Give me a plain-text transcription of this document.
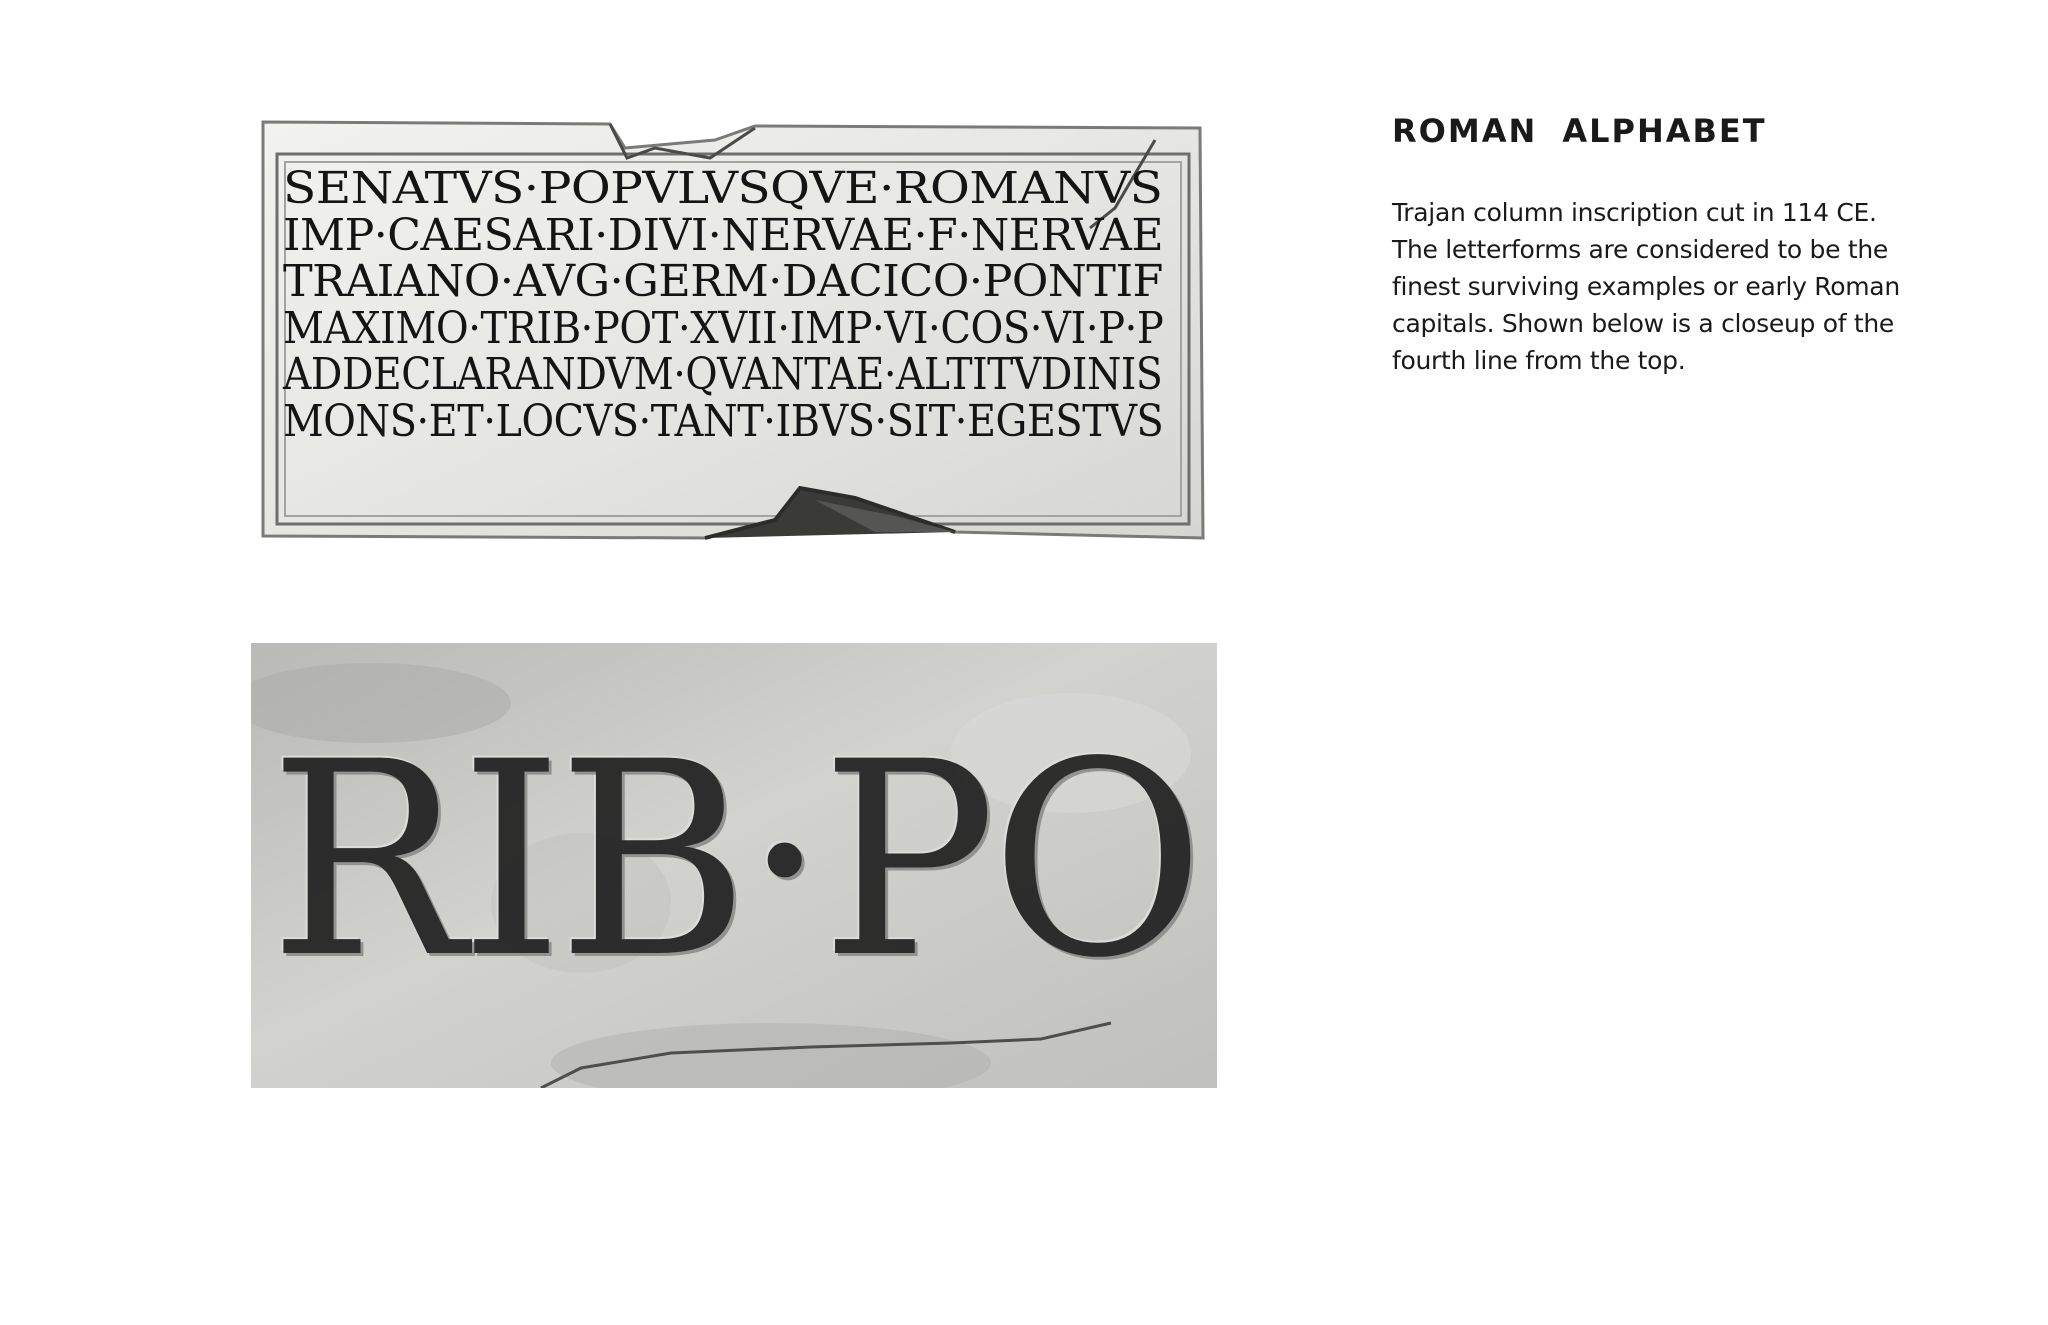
SENATVS·POPVLVSQVE·ROMANVS
IMP·CAESARI·DIVI·NERVAE·F·NERVAE
TRAIANO·AVG·GERM·DACICO·PONTIF
MAXIMO·TRIB·POT·XVII·IMP·VI·COS·VI·P·P
ADDECLARANDVM·QVANTAE·ALTITVDINIS
MONS·ET·LOCVS·TANT·IBVS·SIT·EGESTVS
RIB·PO
ROMAN ALPHABET

Trajan column inscription cut in 114 CE. The letterforms are considered to be the finest surviving examples or early Roman capitals. Shown below is a closeup of the fourth line from the top.
